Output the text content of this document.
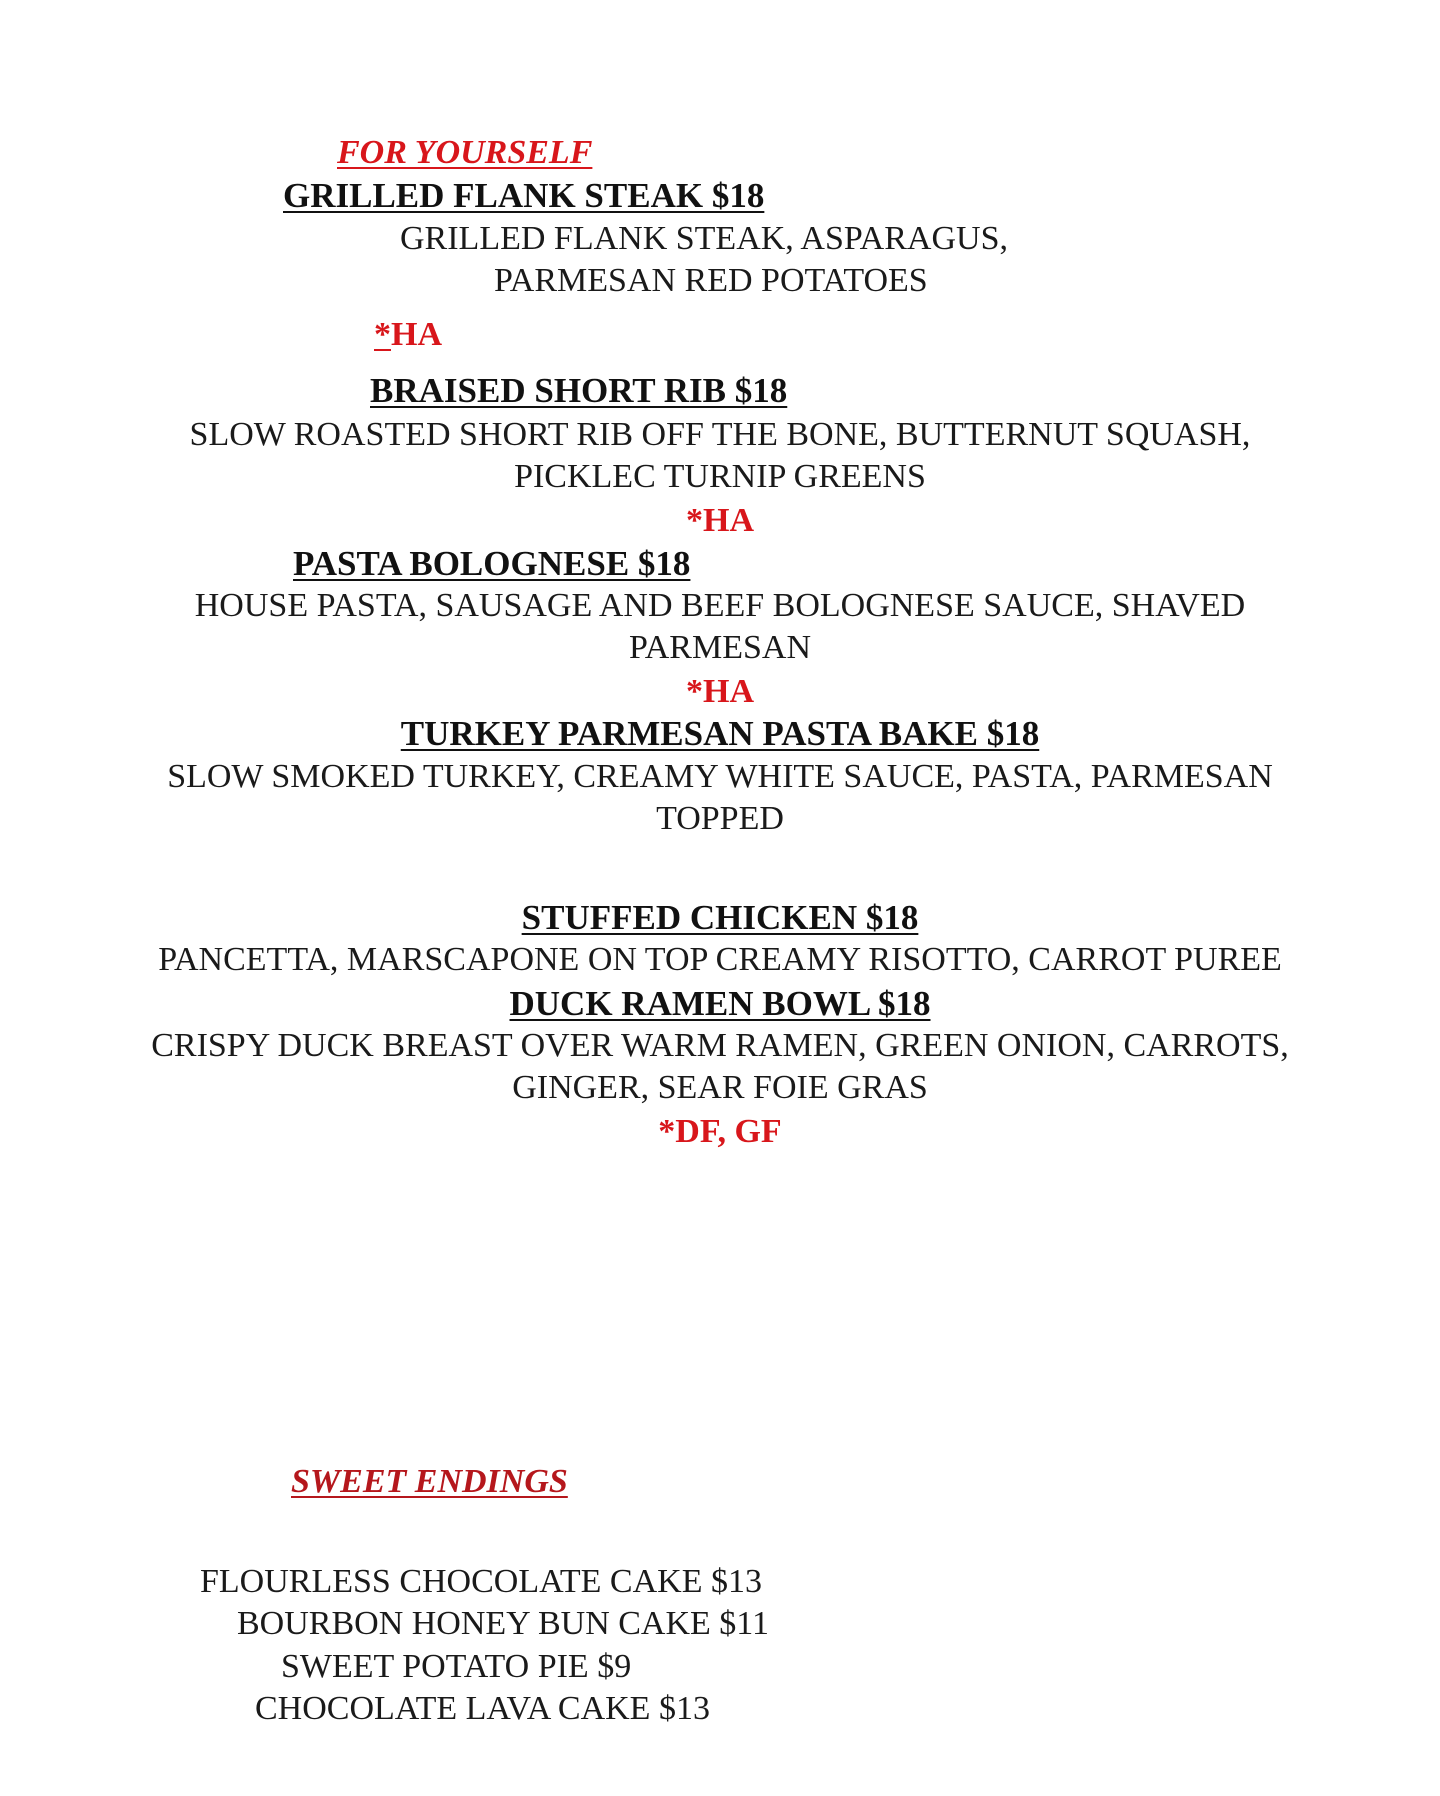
FOR YOURSELF
GRILLED FLANK STEAK $18
GRILLED FLANK STEAK, ASPARAGUS,
PARMESAN RED POTATOES
*HA
BRAISED SHORT RIB $18
SLOW ROASTED SHORT RIB OFF THE BONE, BUTTERNUT SQUASH,
PICKLEC TURNIP GREENS
*HA
PASTA BOLOGNESE $18
HOUSE PASTA, SAUSAGE AND BEEF BOLOGNESE SAUCE, SHAVED
PARMESAN
*HA
TURKEY PARMESAN PASTA BAKE $18
SLOW SMOKED TURKEY, CREAMY WHITE SAUCE, PASTA, PARMESAN
TOPPED
STUFFED CHICKEN $18
PANCETTA, MARSCAPONE ON TOP CREAMY RISOTTO, CARROT PUREE
DUCK RAMEN BOWL $18
CRISPY DUCK BREAST OVER WARM RAMEN, GREEN ONION, CARROTS,
GINGER, SEAR FOIE GRAS
*DF, GF
SWEET ENDINGS
FLOURLESS CHOCOLATE CAKE $13
BOURBON HONEY BUN CAKE $11
SWEET POTATO PIE $9
CHOCOLATE LAVA CAKE $13
